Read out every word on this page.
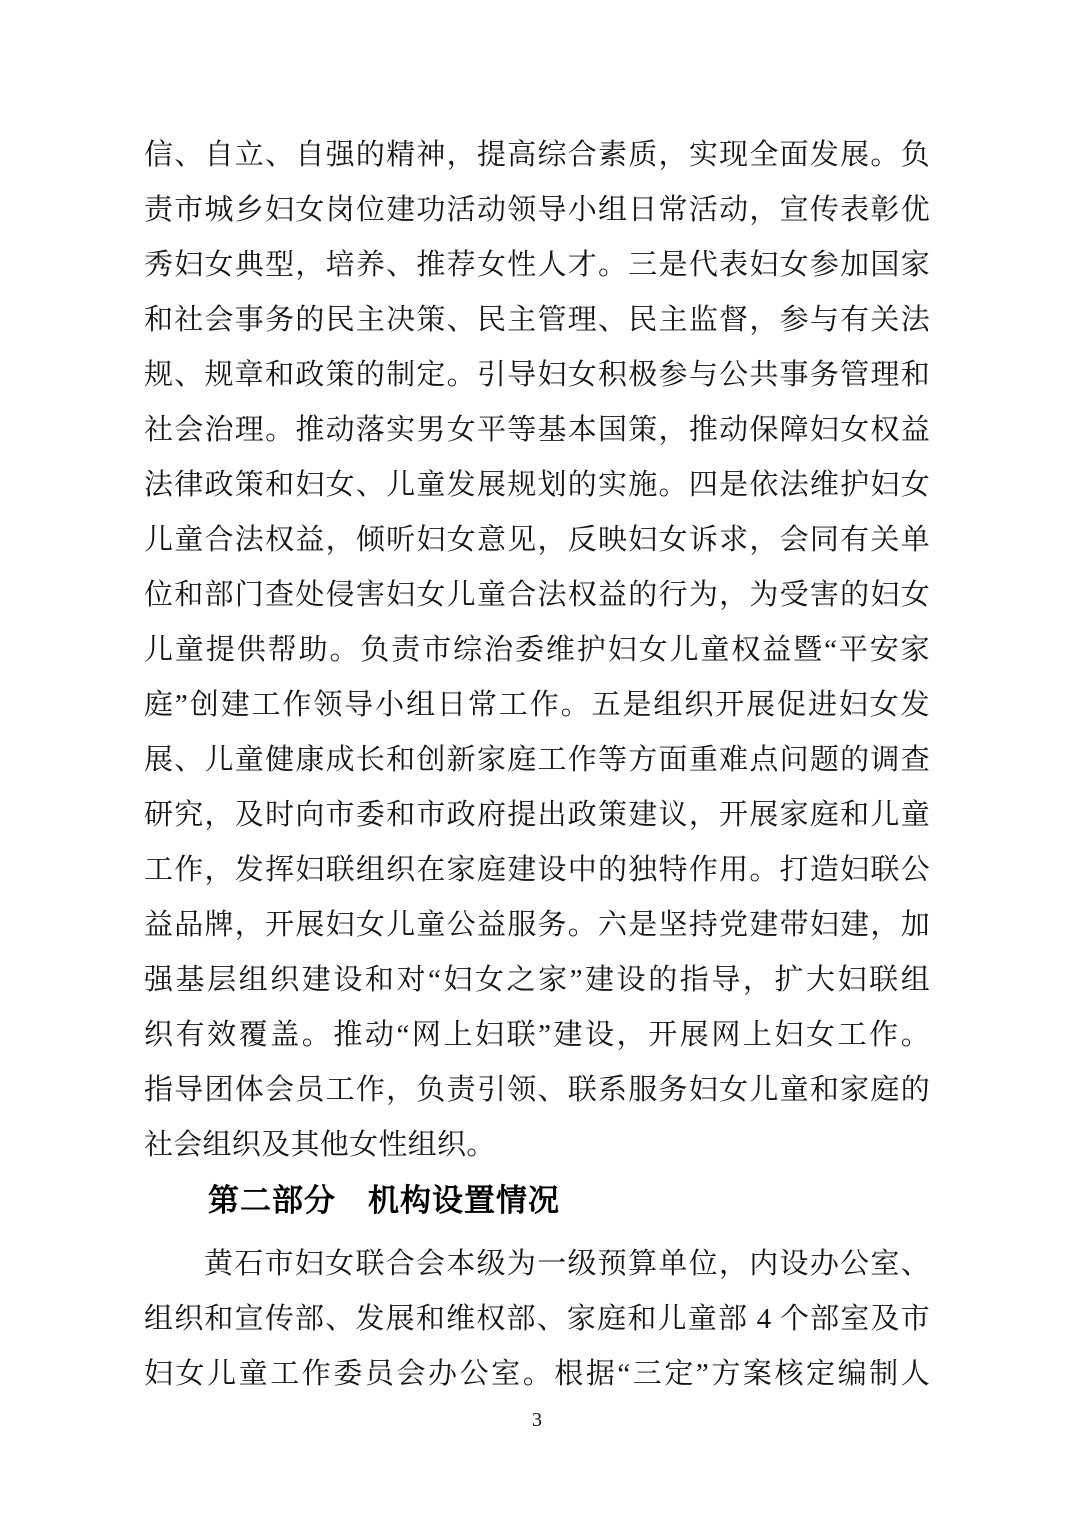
信、自立、自强的精神，提高综合素质，实现全面发展。负
责市城乡妇女岗位建功活动领导小组日常活动，宣传表彰优
秀妇女典型，培养、推荐女性人才。三是代表妇女参加国家
和社会事务的民主决策、民主管理、民主监督，参与有关法
规、规章和政策的制定。引导妇女积极参与公共事务管理和
社会治理。推动落实男女平等基本国策，推动保障妇女权益
法律政策和妇女、儿童发展规划的实施。四是依法维护妇女
儿童合法权益，倾听妇女意见，反映妇女诉求，会同有关单
位和部门查处侵害妇女儿童合法权益的行为，为受害的妇女
儿童提供帮助。负责市综治委维护妇女儿童权益暨“平安家
庭”创建工作领导小组日常工作。五是组织开展促进妇女发
展、儿童健康成长和创新家庭工作等方面重难点问题的调查
研究，及时向市委和市政府提出政策建议，开展家庭和儿童
工作，发挥妇联组织在家庭建设中的独特作用。打造妇联公
益品牌，开展妇女儿童公益服务。六是坚持党建带妇建，加
强基层组织建设和对“妇女之家”建设的指导，扩大妇联组
织有效覆盖。推动“网上妇联”建设，开展网上妇女工作。
指导团体会员工作，负责引领、联系服务妇女儿童和家庭的
社会组织及其他女性组织。
第二部分　机构设置情况
黄石市妇女联合会本级为一级预算单位，内设办公室、
组织和宣传部、发展和维权部、家庭和儿童部 4 个部室及市
妇女儿童工作委员会办公室。根据“三定”方案核定编制人
3
